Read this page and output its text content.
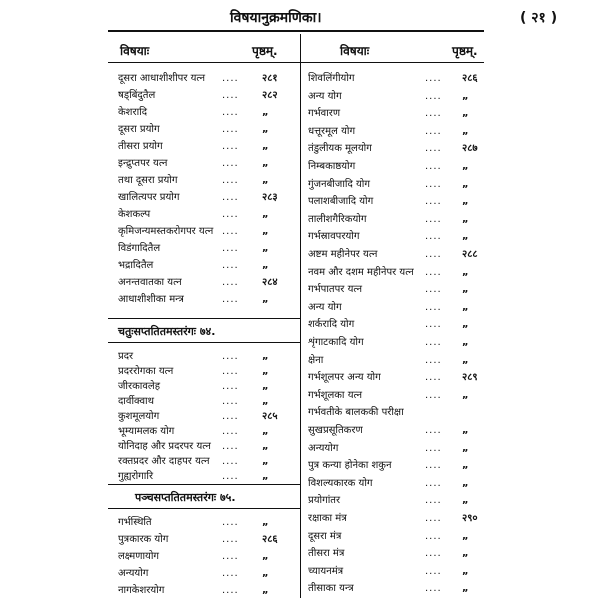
विषयानुक्रमणिका।	( २१ )
विषयाः	पृष्ठम्.	विषयाः	पृष्ठम्.
दूसरा आधाशीशीपर यत्न .... २८१
षड्बिंदुतैल	.... २८२
केशरादि	.... „
दूसरा प्रयोग	.... „
तीसरा प्रयोग	.... „
इन्द्रुप्तपर यत्न	.... „
तथा दूसरा प्रयोग	.... „
खालित्यपर प्रयोग	.... २८३
केशकल्प	.... „
कृमिजन्यमस्तकरोगपर यत्न .... „
विडंगादितैल	.... „
भद्रादितैल	.... „
अनन्तवातका यत्न	.... २८४
आधाशीशीका मन्त्र	.... „
प्रदर	.... „
प्रदररोगका यत्न	.... „
जीरकावलेह	.... „
दार्वीक्वाथ	.... „
कुशमूलयोग	.... २८५
भूम्यामलक योग	.... „
योनिदाह और प्रदरपर यत्न .... „
रक्तप्रदर और दाहपर यत्न .... „
गुह्यरोगारि	.... „
गर्भस्थिति	.... „
पुत्रकारक योग	.... २८६
लक्ष्मणायोग	.... „
अन्ययोग	.... „
नागकेशरयोग	.... „
चतुःसप्ततितमस्तरंगः ७४.
पञ्चसप्ततितमस्तरंगः ७५.
शिवलिंगीयोग	.... २८६
अन्य योग	.... „
गर्भवारण	.... „
धत्तूरमूल योग	.... „
तंडुलीयक मूलयोग	.... २८७
निम्बकाष्ठयोग	.... „
गुंजनबीजादि योग	.... „
पलाशबीजादि योग	.... „
तालीशगैरिकयोग	.... „
गर्भस्रावपरयोग	.... „
अष्टम महीनेपर यत्न	.... २८८
नवम और दशम महीनेपर यत्न .... „
गर्भपातपर यत्न	.... „
अन्य योग	.... „
शर्करादि योग	.... „
शृंगाटकादि योग	.... „
क्षेना	.... „
गर्भशूलपर अन्य योग	.... २८९
गर्भशूलका यत्न	.... „
गर्भवतीके बालककी परीक्षा
सुखप्रसूतिकरण	.... „
अन्ययोग	.... „
पुत्र कन्या होनेका शकुन	.... „
विशल्यकारक योग	.... „
प्रयोगांतर	.... „
रक्षाका मंत्र	.... २९०
दूसरा मंत्र	.... „
तीसरा मंत्र	.... „
च्यायनमंत्र	.... „
तीसाका यन्त्र	.... „
